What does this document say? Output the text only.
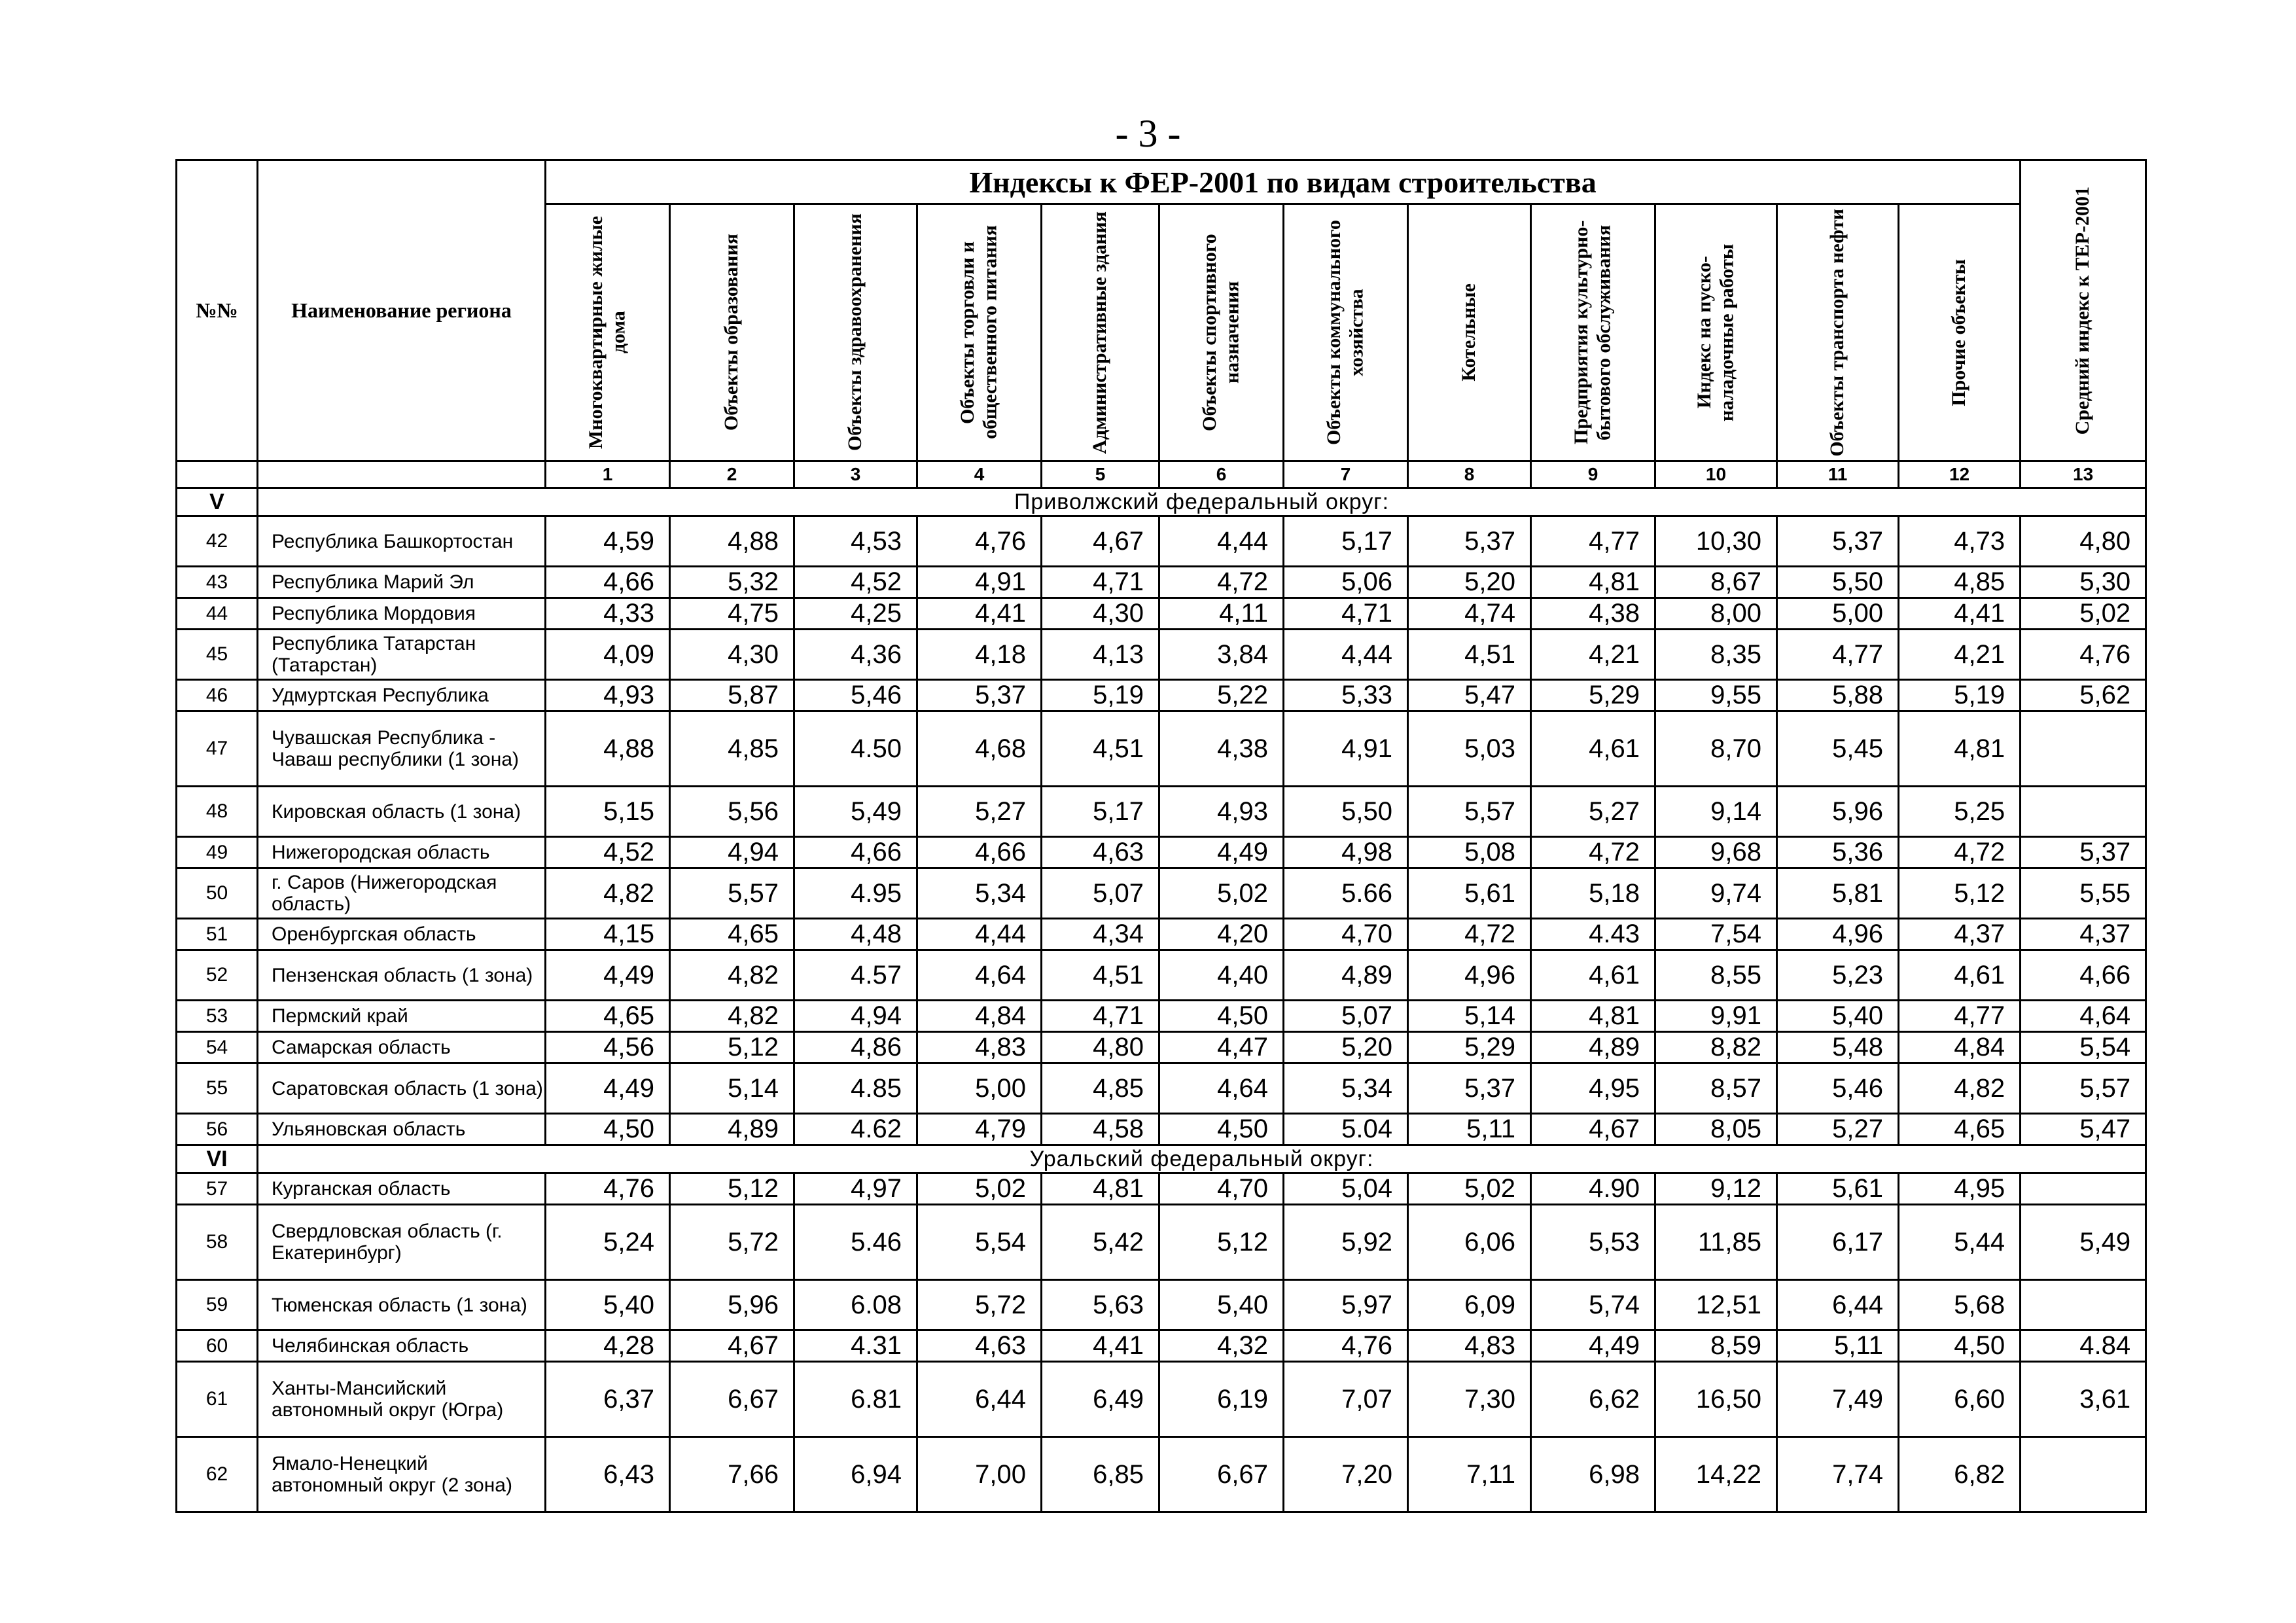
- 3 -
№№	Наименование региона	Индексы к ФЕР-2001 по видам строительства												Средний индекс к ТЕР-2001

		Многоквартирные жилые дома	Объекты образования	Объекты здравоохранения	Объекты торговли и общественного питания	Административные здания	Объекты спортивного назначения	Объекты коммунального хозяйства	Котельные	Предприятия культурно-бытового обслуживания	Индекс на пуско-наладочные работы	Объекты транспорта нефти	Прочие объекты	

		1	2	3	4	5	6	7	8	9	10	11	12	13
V	Приволжский федеральный округ:													
42	Республика Башкортостан	4,59	4,88	4,53	4,76	4,67	4,44	5,17	5,37	4,77	10,30	5,37	4,73	4,80
43	Республика Марий Эл	4,66	5,32	4,52	4,91	4,71	4,72	5,06	5,20	4,81	8,67	5,50	4,85	5,30
44	Республика Мордовия	4,33	4,75	4,25	4,41	4,30	4,11	4,71	4,74	4,38	8,00	5,00	4,41	5,02
45	Республика Татарстан (Татарстан)	4,09	4,30	4,36	4,18	4,13	3,84	4,44	4,51	4,21	8,35	4,77	4,21	4,76
46	Удмуртская Республика	4,93	5,87	5,46	5,37	5,19	5,22	5,33	5,47	5,29	9,55	5,88	5,19	5,62
47	Чувашская Республика - Чаваш республики (1 зона)	4,88	4,85	4.50	4,68	4,51	4,38	4,91	5,03	4,61	8,70	5,45	4,81	
48	Кировская область (1 зона)	5,15	5,56	5,49	5,27	5,17	4,93	5,50	5,57	5,27	9,14	5,96	5,25	
49	Нижегородская область	4,52	4,94	4,66	4,66	4,63	4,49	4,98	5,08	4,72	9,68	5,36	4,72	5,37
50	г. Саров (Нижегородская область)	4,82	5,57	4.95	5,34	5,07	5,02	5.66	5,61	5,18	9,74	5,81	5,12	5,55
51	Оренбургская область	4,15	4,65	4,48	4,44	4,34	4,20	4,70	4,72	4.43	7,54	4,96	4,37	4,37
52	Пензенская область (1 зона)	4,49	4,82	4.57	4,64	4,51	4,40	4,89	4,96	4,61	8,55	5,23	4,61	4,66
53	Пермский край	4,65	4,82	4,94	4,84	4,71	4,50	5,07	5,14	4,81	9,91	5,40	4,77	4,64
54	Самарская область	4,56	5,12	4,86	4,83	4,80	4,47	5,20	5,29	4,89	8,82	5,48	4,84	5,54
55	Саратовская область (1 зона)	4,49	5,14	4.85	5,00	4,85	4,64	5,34	5,37	4,95	8,57	5,46	4,82	5,57
56	Ульяновская область	4,50	4,89	4.62	4,79	4,58	4,50	5.04	5,11	4,67	8,05	5,27	4,65	5,47
VI	Уральский федеральный округ:													
57	Курганская область	4,76	5,12	4,97	5,02	4,81	4,70	5,04	5,02	4.90	9,12	5,61	4,95	
58	Свердловская область (г. Екатеринбург)	5,24	5,72	5.46	5,54	5,42	5,12	5,92	6,06	5,53	11,85	6,17	5,44	5,49
59	Тюменская область (1 зона)	5,40	5,96	6.08	5,72	5,63	5,40	5,97	6,09	5,74	12,51	6,44	5,68	
60	Челябинская область	4,28	4,67	4.31	4,63	4,41	4,32	4,76	4,83	4,49	8,59	5,11	4,50	4.84
61	Ханты-Мансийский автономный округ (Югра)	6,37	6,67	6.81	6,44	6,49	6,19	7,07	7,30	6,62	16,50	7,49	6,60	3,61
62	Ямало-Ненецкий автономный округ (2 зона)	6,43	7,66	6,94	7,00	6,85	6,67	7,20	7,11	6,98	14,22	7,74	6,82	
